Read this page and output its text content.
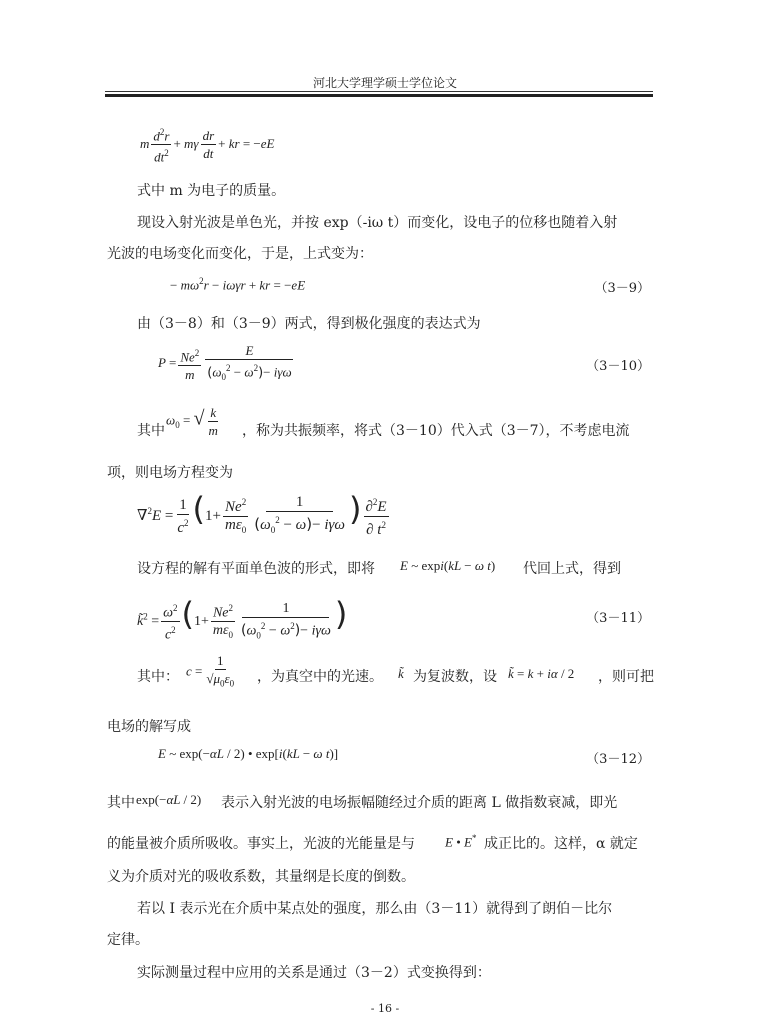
河北大学理学硕士学位论文
m $\frac{d^2r}{dt^2} + m\gamma \frac{dr}{dt}$ + kr = −eE
式中 m 为电子的质量。
现设入射光波是单色光，并按 exp（-iω t）而变化，设电子的位移也随着入射
光波的电场变化而变化，于是，上式变为：
− $m\omega^2r - i\omega\gamma r$ + kr = −eE	（3－9）
由（3－8）和（3－9）两式，得到极化强度的表达式为
$P = \frac{Ne^2}{m} \frac{E}{(\omega_0^2 - \omega^2)- i\gamma\omega}$	（3－10）
其中
$\omega_0$ = √ $\frac{k}{m}$ ，称为共振频率，将式（3－10）代入式（3－7），不考虑电流
项，则电场方程变为
$\nabla^2E = \frac{1}{c^2} (1+ \frac{Ne^2}{m\varepsilon_0} \frac{1}{(\omega_0^2 - \omega)- i\gamma\omega}$ ) $\frac{\partial^2E}{\partial t^2}$
设方程的解有平面单色波的形式，即将 E ~ expi(kL − ω t) 代回上式，得到
k̃$^2$ = $\frac{\omega^2}{c^2} (1+ \frac{Ne^2}{m\varepsilon_0} \frac{1}{(\omega_0^2 - \omega^2)- i\gamma\omega}$ )	（3－11）
其中： $c = \frac{1}{√\mu_0\varepsilon_0}$ ，为真空中的光速。 k̃ 为复波数，设 k̃ = k + iα / 2 ，则可把
电场的解写成
E ~ exp(−αL / 2) • exp[i(kL − ω t)]	（3－12）
其中 exp(−αL / 2) 表示入射光波的电场振幅随经过介质的距离 L 做指数衰减，即光
的能量被介质所吸收。事实上，光波的光能量是与 E • E* 成正比的。这样，α 就定
义为介质对光的吸收系数，其量纲是长度的倒数。
若以 I 表示光在介质中某点处的强度，那么由（3－11）就得到了朗伯－比尔
定律。
实际测量过程中应用的关系是通过（3－2）式变换得到：
- 16 -
